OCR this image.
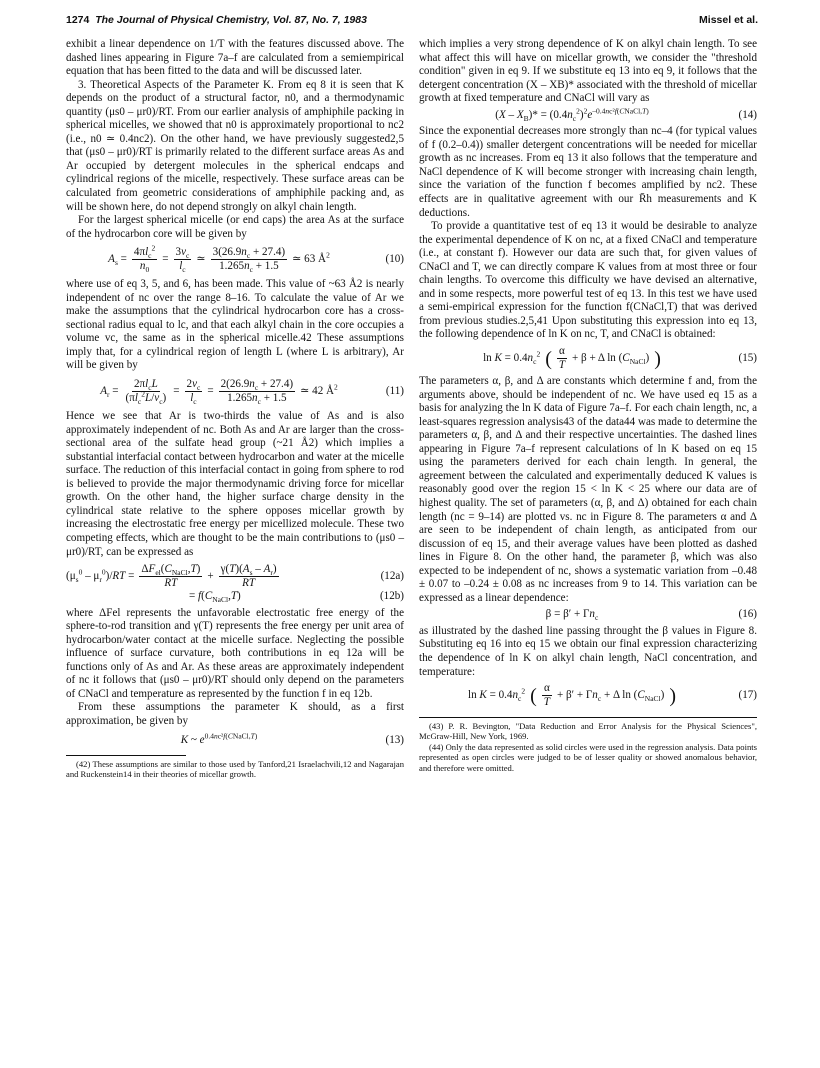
1274 The Journal of Physical Chemistry, Vol. 87, No. 7, 1983	Missel et al.

exhibit a linear dependence on 1/T with the features discussed above. The dashed lines appearing in Figure 7a–f are calculated from a semiempirical equation that has been fitted to the data and will be discussed later.

3. Theoretical Aspects of the Parameter K. From eq 8 it is seen that K depends on the product of a structural factor, n0, and a thermodynamic quantity (μs0 – μr0)/RT. From our earlier analysis of amphiphile packing in spherical micelles, we showed that n0 is approximately proportional to nc2 (i.e., n0 ≃ 0.4nc2). On the other hand, we have previously suggested2,5 that (μs0 – μr0)/RT is primarily related to the different surface areas As and Ar occupied by detergent molecules in the spherical endcaps and cylindrical regions of the micelle, respectively. These surface areas can be calculated from geometric considerations of amphiphile packing and, as will be shown here, do not depend strongly on alkyl chain length.

For the largest spherical micelle (or end caps) the area As at the surface of the hydrocarbon core will be given by

$A_s = \frac{4\pi l_c^2}{n_0} = \frac{3v_c}{l_c}$ ≃ $\frac{3(26.9n_c + 27.4)}{1.265n_c + 1.5}$ ≃ 63 $Å^2$	(10)

where use of eq 3, 5, and 6, has been made. This value of ~63 Å2 is nearly independent of nc over the range 8–16. To calculate the value of Ar we make the assumptions that the cylindrical hydrocarbon core has a cross-sectional radius equal to lc, and that each alkyl chain in the core occupies a volume vc, the same as in the spherical micelle.42 These assumptions imply that, for a cylindrical region of length L (where L is arbitrary), Ar will be given by

$A_r = \frac{2\pi l_cL}{(\pi l_c^2L/v_c)} = \frac{2v_c}{l_c} = \frac{2(26.9n_c + 27.4)}{1.265n_c + 1.5}$ ≃ 42 $Å^2$	(11)

Hence we see that Ar is two-thirds the value of As and is also approximately independent of nc. Both As and Ar are larger than the cross-sectional area of the sulfate head group (~21 Å2) which implies a substantial interfacial contact between hydrocarbon and water at the micelle surface. The reduction of this interfacial contact in going from sphere to rod is believed to provide the major thermodynamic driving force for micellar growth. On the other hand, the higher surface charge density in the cylindrical state relative to the sphere opposes micellar growth by increasing the electrostatic free energy per micellized molecule. These two competing effects, which are thought to be the main contributions to (μs0 – μr0)/RT, can be expressed as

$(\mu_s^0 - \mu_r^0)/RT = \frac{\Delta F_{el}(C_{NaCl},T)}{RT} + \frac{\gamma(T)(A_s - A_r)}{RT}$	(12a)
= $f(C_{NaCl},T)$	(12b)

where ΔFel represents the unfavorable electrostatic free energy of the sphere-to-rod transition and γ(T) represents the free energy per unit area of hydrocarbon/water contact at the micelle surface. Neglecting the possible influence of surface curvature, both contributions in eq 12a will be functions only of As and Ar. As these areas are approximately independent of nc it follows that (μs0 – μr0)/RT should only depend on the parameters of CNaCl and temperature as represented by the function f in eq 12b.

From these assumptions the parameter K should, as a first approximation, be given by

K ~ $e^{0.4nc^2f(CNaCl,T)}$	(13)

(42) These assumptions are similar to those used by Tanford,21 Israelachvili,12 and Nagarajan and Ruckenstein14 in their theories of micellar growth.

which implies a very strong dependence of K on alkyl chain length. To see what affect this will have on micellar growth, we consider the "threshold condition" given in eq 9. If we substitute eq 13 into eq 9, it follows that the detergent concentration (X – XB)* associated with the threshold of micellar growth at fixed temperature and CNaCl will vary as

$(X - X_B)* = (0.4n_c^2)^2e^{-0.4nc^2f(CNaCl,T)}$	(14)

Since the exponential decreases more strongly than nc–4 (for typical values of f (0.2–0.4)) smaller detergent concentrations will be needed for micellar growth as nc increases. From eq 13 it also follows that the temperature and NaCl dependence of K will become stronger with increasing chain length, since the variation of the function f becomes amplified by nc2. These effects are in qualitative agreement with our R̄h measurements and K deductions.

To provide a quantitative test of eq 13 it would be desirable to analyze the experimental dependence of K on nc, at a fixed CNaCl and temperature (i.e., at constant f). However our data are such that, for given values of CNaCl and T, we can directly compare K values from at most three or four chain lengths. To overcome this difficulty we have devised an alternative, and in some respects, more powerful test of eq 13. In this test we have used a semi-empirical expression for the function f(CNaCl,T) that was derived from previous studies.2,5,41 Upon substituting this expression into eq 13, the following dependence of ln K on nc, T, and CNaCl is obtained:

$\ln K = 0.4n_c^2$ ( $\frac{\alpha}{T} + \beta + \Delta$ $\ln (C_{NaCl})$ )	(15)

The parameters α, β, and Δ are constants which determine f and, from the arguments above, should be independent of nc. We have used eq 15 as a basis for analyzing the ln K data of Figure 7a–f. For each chain length, nc, a least-squares regression analysis43 of the data44 was made to determine the parameters α, β, and Δ and their respective uncertainties. The dashed lines appearing in Figure 7a–f represent calculations of ln K based on eq 15 using the parameters derived for each chain length. In general, the agreement between the calculated and experimentally deduced K values is reasonably good over the region 15 < ln K < 25 where our data are of highest quality. The set of parameters (α, β, and Δ) obtained for each chain length (nc = 9–14) are plotted vs. nc in Figure 8. The parameters α and Δ are seen to be independent of chain length, as anticipated from our discussion of eq 15, and their average values have been plotted as dashed lines in Figure 8. On the other hand, the parameter β, which was also expected to be independent of nc, shows a systematic variation from –0.48 ± 0.07 to –0.24 ± 0.08 as nc increases from 9 to 14. This variation can be expressed as a linear dependence:

$\beta = \beta' + \Gamma n_c$	(16)

as illustrated by the dashed line passing throught the β values in Figure 8. Substituting eq 16 into eq 15 we obtain our final expression characterizing the dependence of ln K on alkyl chain length, NaCl concentration, and temperature:

$\ln K = 0.4n_c^2$ ( $\frac{\alpha}{T} + \beta' + \Gamma n_c + \Delta$ $\ln (C_{NaCl})$ )	(17)

(43) P. R. Bevington, "Data Reduction and Error Analysis for the Physical Sciences", McGraw-Hill, New York, 1969.

(44) Only the data represented as solid circles were used in the regression analysis. Data points represented as open circles were judged to be of lesser quality or showed anomalous behavior, and therefore were omitted.
